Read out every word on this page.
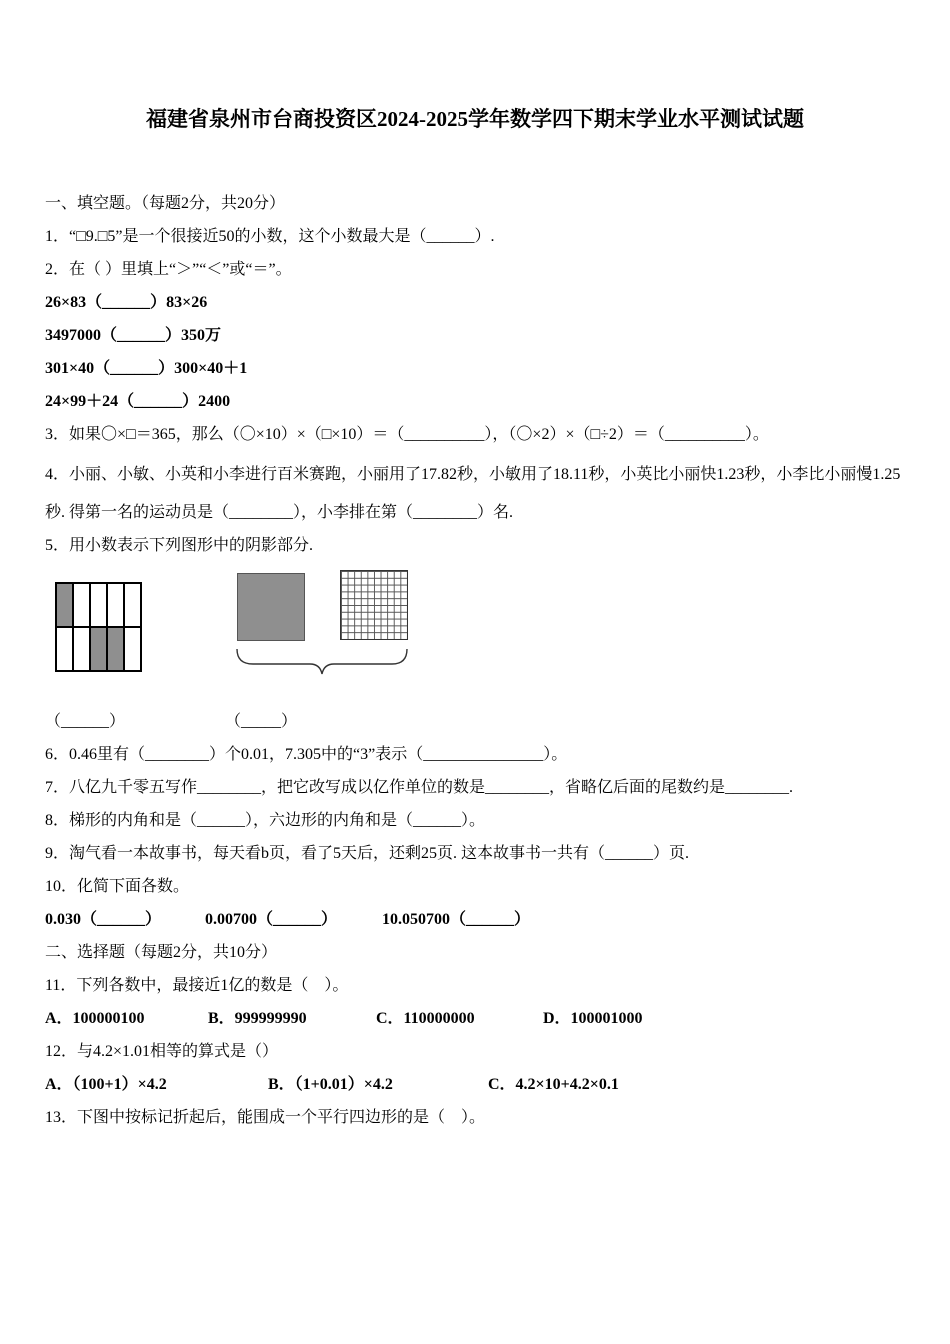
福建省泉州市台商投资区2024-2025学年数学四下期末学业水平测试试题

一、填空题。（每题2分，共20分）

1．“□9.□5”是一个很接近50的小数，这个小数最大是（______）.

2．在（ ）里填上“＞”“＜”或“＝”。

26×83（______）83×26

3497000（______）350万

301×40（______）300×40＋1

24×99＋24（______）2400

3．如果〇×□＝365，那么（〇×10）×（□×10）＝（__________），（〇×2）×（□÷2）＝（__________）。

4．小丽、小敏、小英和小李进行百米赛跑，小丽用了17.82秒，小敏用了18.11秒，小英比小丽快1.23秒，小李比小丽慢1.25秒. 得第一名的运动员是（________），小李排在第（________）名.

5．用小数表示下列图形中的阴影部分.

（______）	（_____）

6．0.46里有（________）个0.01，7.305中的“3”表示（_______________）。

7．八亿九千零五写作________，把它改写成以亿作单位的数是________，省略亿后面的尾数约是________.

8．梯形的内角和是（______），六边形的内角和是（______）。

9．淘气看一本故事书，每天看b页，看了5天后，还剩25页. 这本故事书一共有（______）页.

10．化简下面各数。

0.030（______）	0.00700（______）	10.050700（______）

二、选择题（每题2分，共10分）

11．下列各数中，最接近1亿的数是（　）。

A．100000100	B．999999990	C．110000000	D．100001000

12．与4.2×1.01相等的算式是（）

A．（100+1）×4.2	B．（1+0.01）×4.2	C．4.2×10+4.2×0.1

13．下图中按标记折起后，能围成一个平行四边形的是（　）。
